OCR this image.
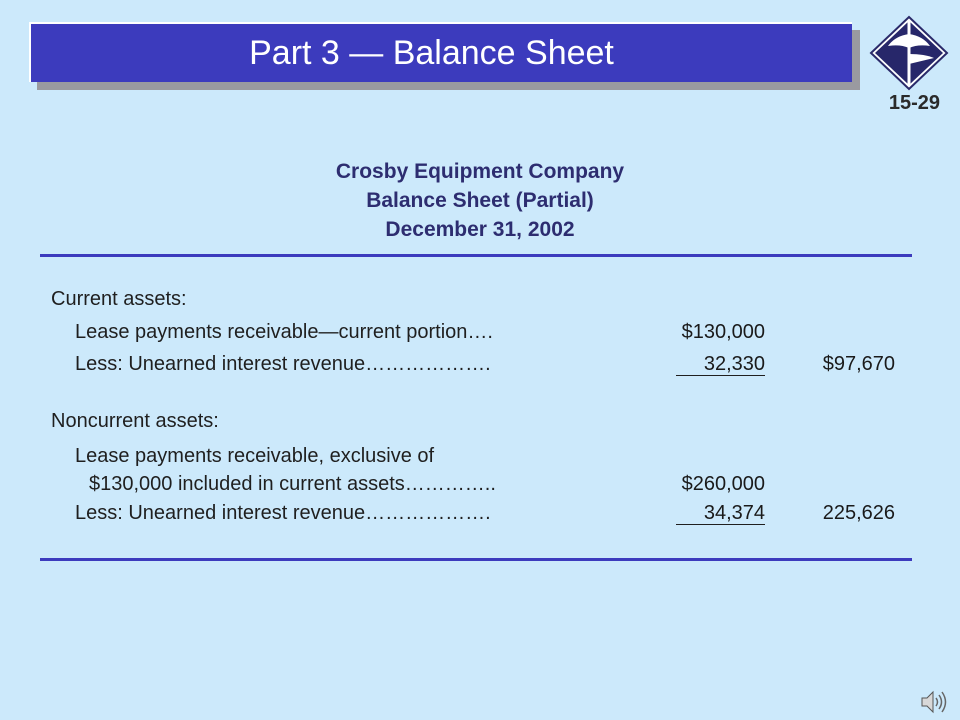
Part 3 — Balance Sheet
15-29
Crosby Equipment Company
Balance Sheet (Partial)
December 31, 2002
Current assets:
Lease payments receivable—current portion….	$130,000
Less: Unearned interest revenue……………….	32,330	$97,670
Noncurrent assets:
Lease payments receivable, exclusive of
$130,000 included in current assets…………..	$260,000
Less: Unearned interest revenue……………….	34,374	225,626
